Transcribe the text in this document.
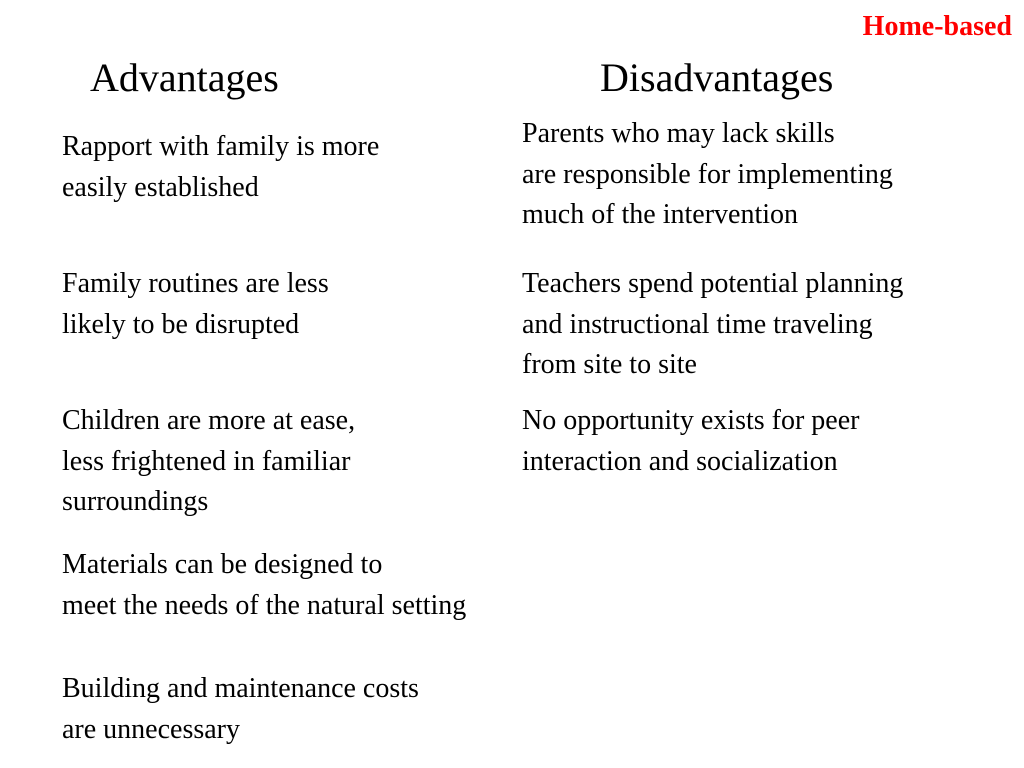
Home-based
Advantages	Disadvantages
Rapport with family is more
easily established
Family routines are less
likely to be disrupted
Children are more at ease,
less frightened in familiar
surroundings
Materials can be designed to
meet the needs of the natural setting
Building and maintenance costs
are unnecessary
Parents who may lack skills
are responsible for implementing
much of the intervention
Teachers spend potential planning
and instructional time traveling
from site to site
No opportunity exists for peer
interaction and socialization
